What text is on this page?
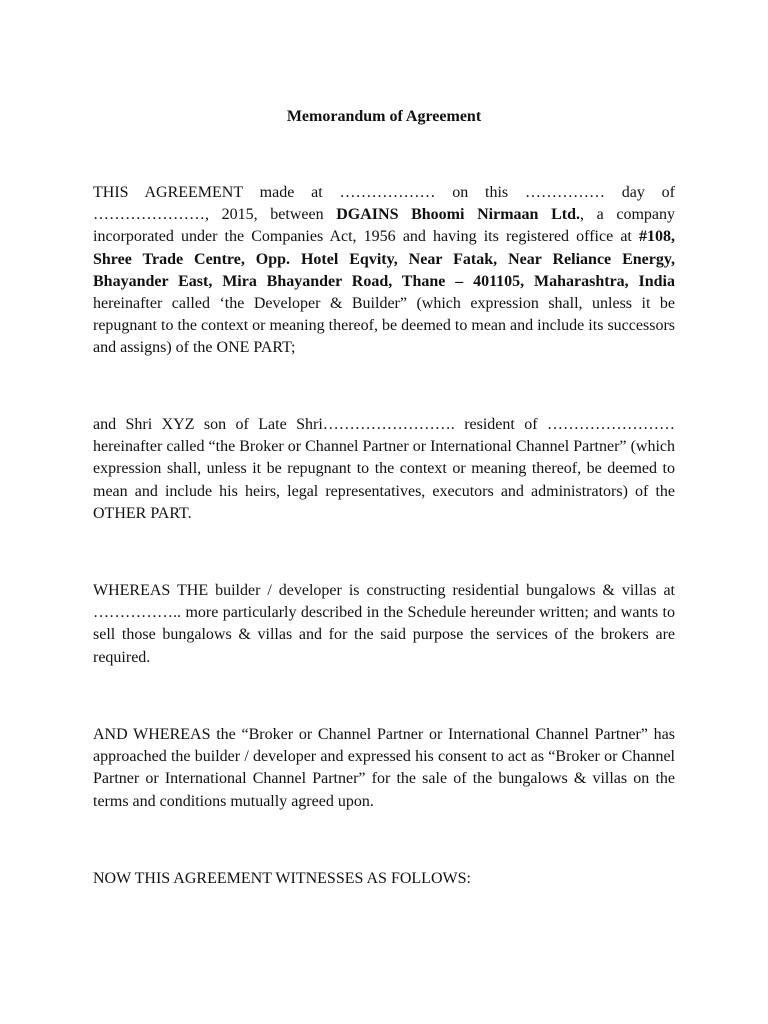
Memorandum of Agreement

THIS AGREEMENT made at ……………… on this …………… day of …………………, 2015, between DGAINS Bhoomi Nirmaan Ltd., a company incorporated under the Companies Act, 1956 and having its registered office at #108, Shree Trade Centre, Opp. Hotel Eqvity, Near Fatak, Near Reliance Energy, Bhayander East, Mira Bhayander Road, Thane – 401105, Maharashtra, India hereinafter called ‘the Developer & Builder” (which expression shall, unless it be repugnant to the context or meaning thereof, be deemed to mean and include its successors and assigns) of the ONE PART;

and Shri XYZ son of Late Shri……………………. resident of …………………… hereinafter called “the Broker or Channel Partner or International Channel Partner” (which expression shall, unless it be repugnant to the context or meaning thereof, be deemed to mean and include his heirs, legal representatives, executors and administrators) of the OTHER PART.

WHEREAS THE builder / developer is constructing residential bungalows & villas at …………….. more particularly described in the Schedule hereunder written; and wants to sell those bungalows & villas and for the said purpose the services of the brokers are required.

AND WHEREAS the “Broker or Channel Partner or International Channel Partner” has approached the builder / developer and expressed his consent to act as “Broker or Channel Partner or International Channel Partner” for the sale of the bungalows & villas on the terms and conditions mutually agreed upon.

NOW THIS AGREEMENT WITNESSES AS FOLLOWS:
